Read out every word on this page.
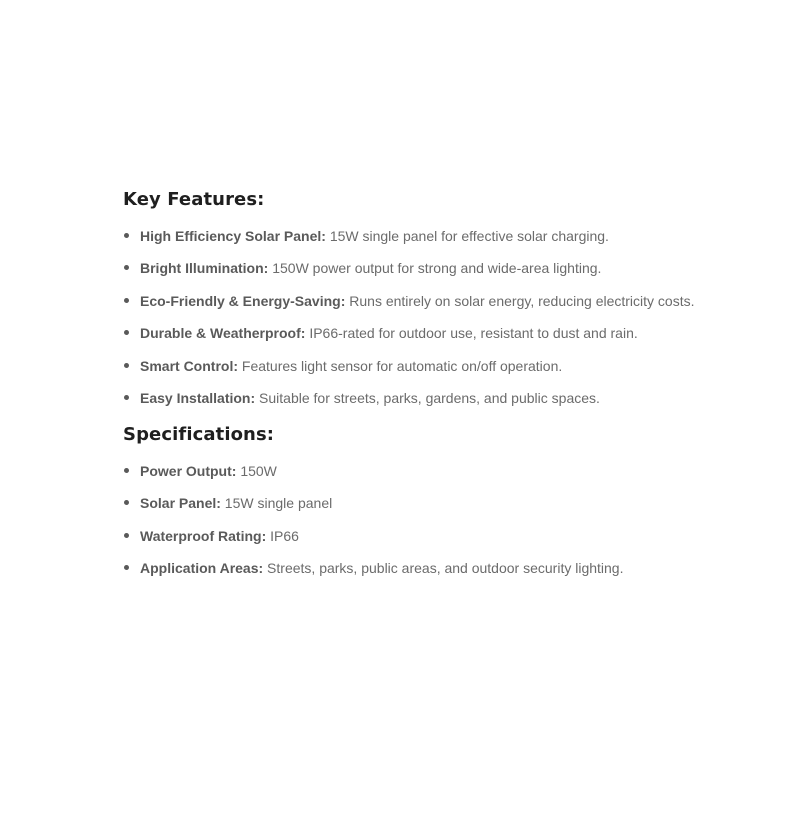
Key Features:
High Efficiency Solar Panel: 15W single panel for effective solar charging.
Bright Illumination: 150W power output for strong and wide-area lighting.
Eco-Friendly & Energy-Saving: Runs entirely on solar energy, reducing electricity costs.
Durable & Weatherproof: IP66-rated for outdoor use, resistant to dust and rain.
Smart Control: Features light sensor for automatic on/off operation.
Easy Installation: Suitable for streets, parks, gardens, and public spaces.
Specifications:
Power Output: 150W
Solar Panel: 15W single panel
Waterproof Rating: IP66
Application Areas: Streets, parks, public areas, and outdoor security lighting.
